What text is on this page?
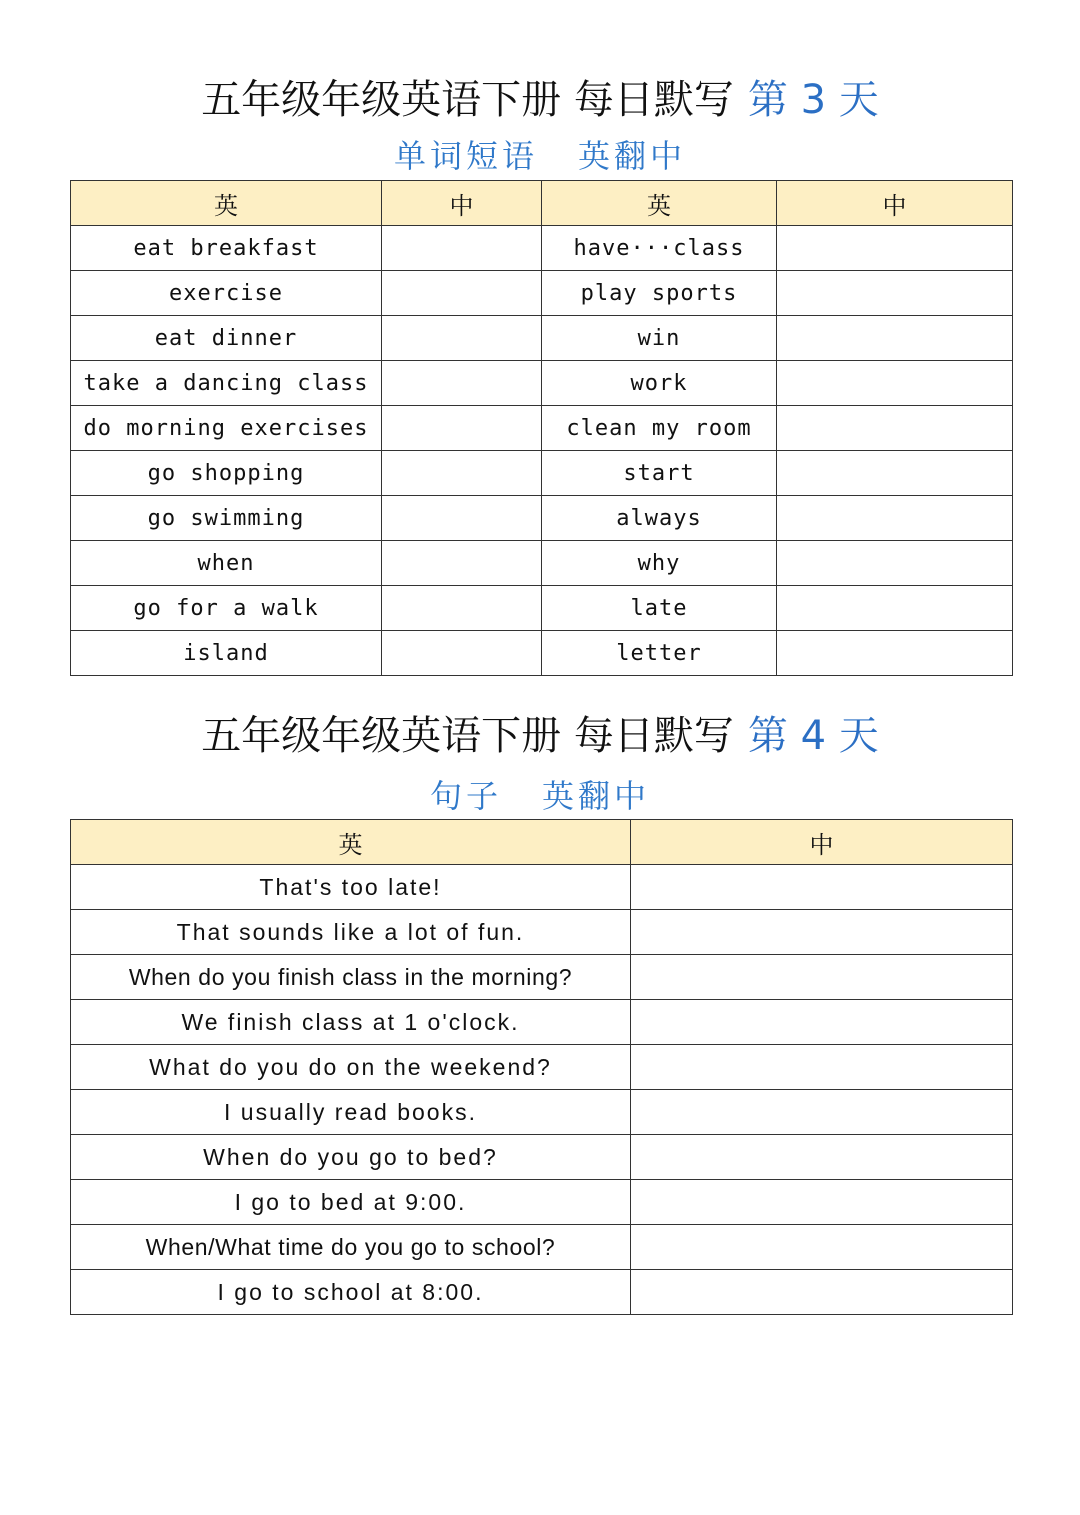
五年级年级英语下册 每日默写 第 3 天
单词短语 英翻中
英	中	英	中
eat breakfast		have···class	
exercise		play sports	
eat dinner		win	
take a dancing class		work	
do morning exercises		clean my room	
go shopping		start	
go swimming		always	
when		why	
go for a walk		late	
island		letter	
五年级年级英语下册 每日默写 第 4 天
句子 英翻中
英	中
That's too late!	
That sounds like a lot of fun.	
When do you finish class in the morning?	
We finish class at 1 o'clock.	
What do you do on the weekend?	
I usually read books.	
When do you go to bed?	
I go to bed at 9:00.	
When/What time do you go to school?	
I go to school at 8:00.	
